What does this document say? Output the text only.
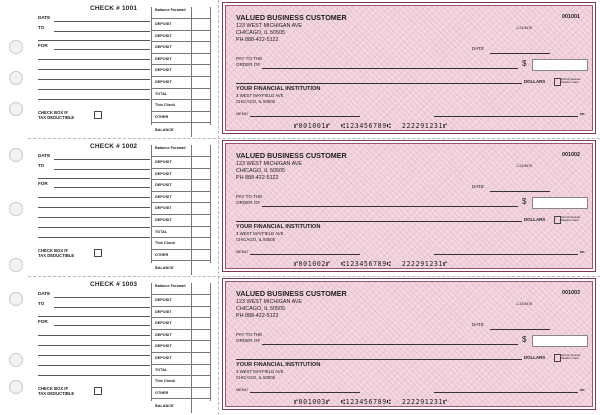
CHECK # 1001
DATE
TO
FOR
Balance Forward
DEPOSIT
DEPOSIT
DEPOSIT
DEPOSIT
DEPOSIT
DEPOSIT
TOTAL
This Check
OTHER
BALANCE
CHECK BOX IF
TAX DEDUCTIBLE
VALUED BUSINESS CUSTOMER
123 WEST MICHIGAN AVE
CHICAGO, IL 50505
PH 888-422-5122
001001
1-23/4678
DATE
PAY TO THE
ORDER OF	$
DOLLARS	Security features. Details on back.
YOUR FINANCIAL INSTITUTION
3 WEST MAYFIELD AVE
CHICAGO, IL 50505
MEMO	MP
⑈001001⑈ ⑆123456789⑆ 222291231⑈
CHECK # 1002
DATE
TO
FOR
Balance Forward
DEPOSIT
DEPOSIT
DEPOSIT
DEPOSIT
DEPOSIT
DEPOSIT
TOTAL
This Check
OTHER
BALANCE
CHECK BOX IF
TAX DEDUCTIBLE
VALUED BUSINESS CUSTOMER
123 WEST MICHIGAN AVE
CHICAGO, IL 50505
PH 888-422-5122
001002
1-23/4678
DATE
PAY TO THE
ORDER OF	$
DOLLARS	Security features. Details on back.
YOUR FINANCIAL INSTITUTION
3 WEST MAYFIELD AVE
CHICAGO, IL 50505
MEMO	MP
⑈001002⑈ ⑆123456789⑆ 222291231⑈
CHECK # 1003
DATE
TO
FOR
Balance Forward
DEPOSIT
DEPOSIT
DEPOSIT
DEPOSIT
DEPOSIT
DEPOSIT
TOTAL
This Check
OTHER
BALANCE
CHECK BOX IF
TAX DEDUCTIBLE
VALUED BUSINESS CUSTOMER
123 WEST MICHIGAN AVE
CHICAGO, IL 50505
PH 888-422-5122
001003
1-23/4678
DATE
PAY TO THE
ORDER OF	$
DOLLARS	Security features. Details on back.
YOUR FINANCIAL INSTITUTION
3 WEST MAYFIELD AVE
CHICAGO, IL 50505
MEMO	MP
⑈001003⑈ ⑆123456789⑆ 222291231⑈
